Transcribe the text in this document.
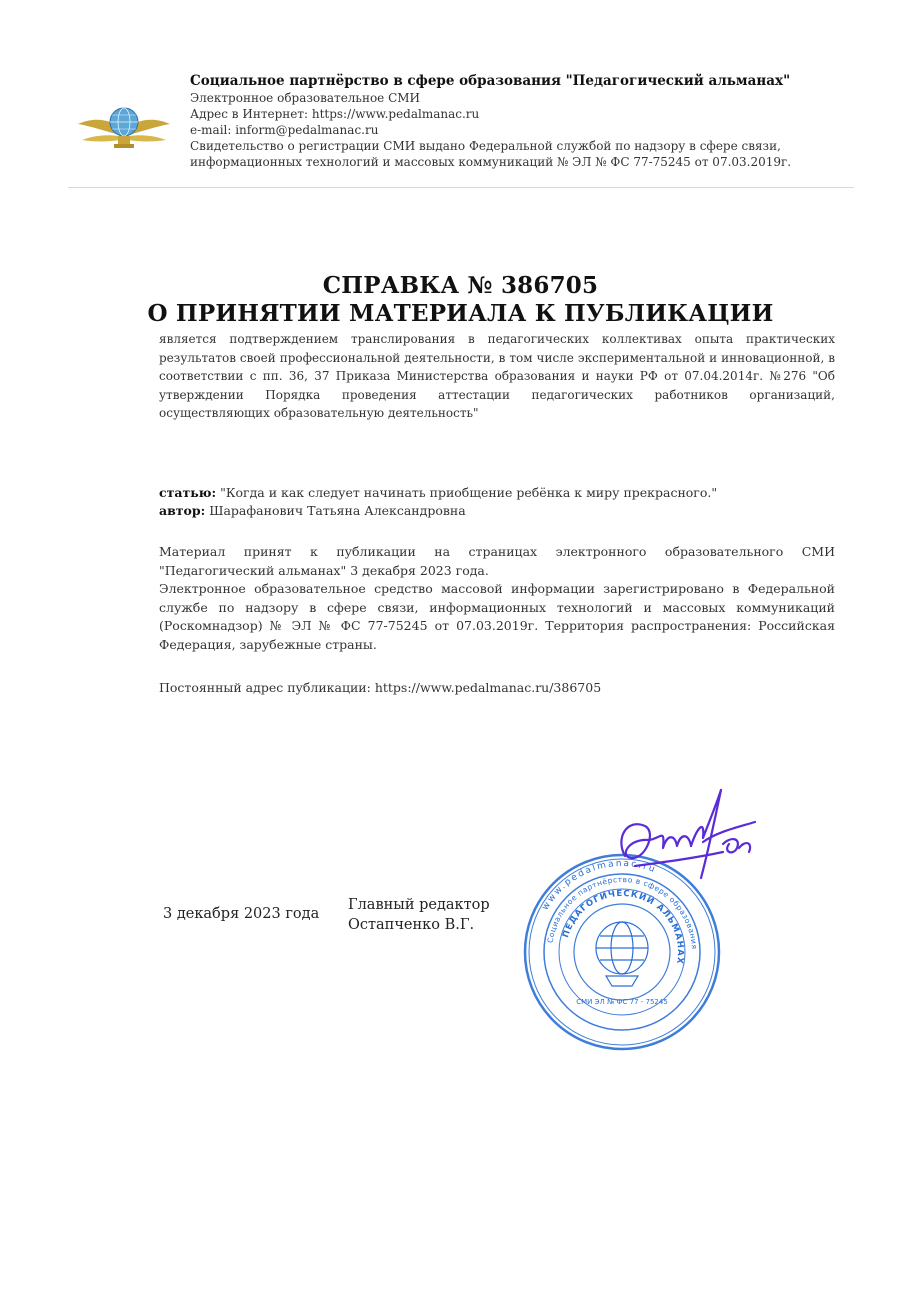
Социальное партнёрство в сфере образования "Педагогический альманах"
Электронное образовательное СМИ
Адрес в Интернет: https://www.pedalmanac.ru
e-mail: inform@pedalmanac.ru
Свидетельство о регистрации СМИ выдано Федеральной службой по надзору в сфере связи,
информационных технологий и массовых коммуникаций № ЭЛ № ФС 77-75245 от 07.03.2019г.
СПРАВКА № 386705
О ПРИНЯТИИ МАТЕРИАЛА К ПУБЛИКАЦИИ
является подтверждением транслирования в педагогических коллективах опыта практических результатов своей профессиональной деятельности, в том числе экспериментальной и инновационной, в соответствии с пп. 36, 37 Приказа Министерства образования и науки РФ от 07.04.2014г. №276 "Об утверждении Порядка проведения аттестации педагогических работников организаций, осуществляющих образовательную деятельность"
статью: "Когда и как следует начинать приобщение ребёнка к миру прекрасного."
автор: Шарафанович Татьяна Александровна

Материал принят к публикации на страницах электронного образовательного СМИ "Педагогический альманах" 3 декабря 2023 года.

Электронное образовательное средство массовой информации зарегистрировано в Федеральной службе по надзору в сфере связи, информационных технологий и массовых коммуникаций (Роскомнадзор) № ЭЛ № ФС 77-75245 от 07.03.2019г. Территория распространения: Российская Федерация, зарубежные страны.

Постоянный адрес публикации: https://www.pedalmanac.ru/386705
3 декабря 2023 года
Главный редактор
Остапченко В.Г.
www.pedalmanac.ru
Социальное партнёрство в сфере образования
ПЕДАГОГИЧЕСКИЙ АЛЬМАНАХ
СМИ ЭЛ № ФС 77 - 75245
